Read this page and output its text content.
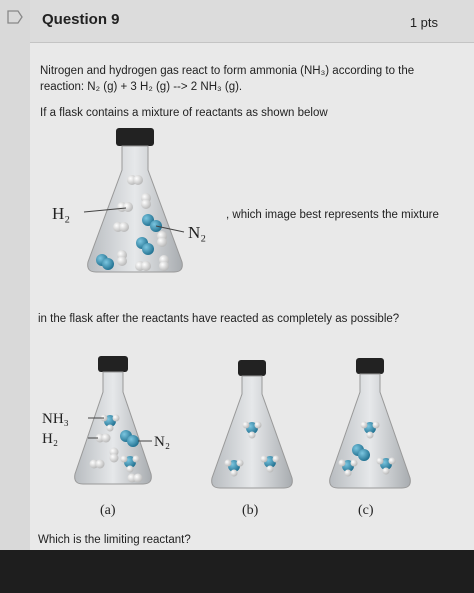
Question 9	1 pts
Nitrogen and hydrogen gas react to form ammonia (NH₃) according to the reaction: N₂ (g) + 3 H₂ (g) --> 2 NH₃ (g).
If a flask contains a mixture of reactants as shown below
, which image best represents the mixture
in the flask after the reactants have reacted as completely as possible?
Which is the limiting reactant?
H₂
N₂
NH₃
H₂	N₂
(a)	(b)	(c)
